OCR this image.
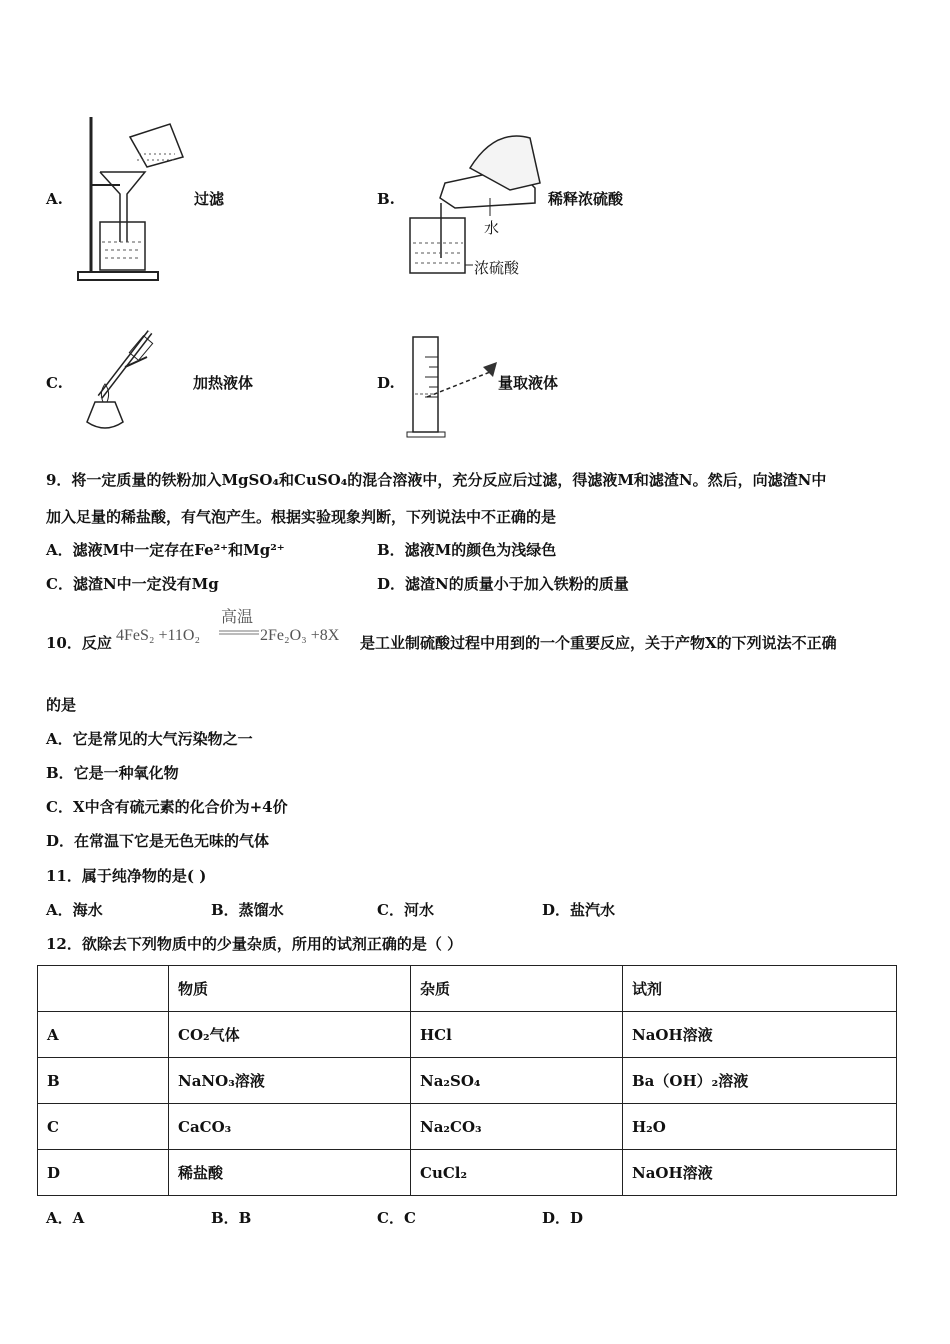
A.	过滤	B.
水
浓硫酸
稀释浓硫酸
C.	加热液体	D.	量取液体
9．将一定质量的铁粉加入MgSO₄和CuSO₄的混合溶液中，充分反应后过滤，得滤液M和滤渣N。然后，向滤渣N中
加入足量的稀盐酸，有气泡产生。根据实验现象判断，下列说法中不正确的是
A．滤液M中一定存在Fe²⁺和Mg²⁺	B．滤液M的颜色为浅绿色
C．滤渣N中一定没有Mg	D．滤渣N的质量小于加入铁粉的质量
10．反应 4FeS₂ +11O₂
高温
2Fe₂O₃ +8X 是工业制硫酸过程中用到的一个重要反应，关于产物X的下列说法不正确
的是
A．它是常见的大气污染物之一
B．它是一种氧化物
C．X中含有硫元素的化合价为+4价
D．在常温下它是无色无味的气体
11．属于纯净物的是( )
A．海水	B．蒸馏水	C．河水	D．盐汽水
12．欲除去下列物质中的少量杂质，所用的试剂正确的是（ ）
	物质	杂质	试剂
A	CO₂气体	HCl	NaOH溶液
B	NaNO₃溶液	Na₂SO₄	Ba（OH）₂溶液
C	CaCO₃	Na₂CO₃	H₂O
D	稀盐酸	CuCl₂	NaOH溶液
A．A	B．B	C．C	D．D
